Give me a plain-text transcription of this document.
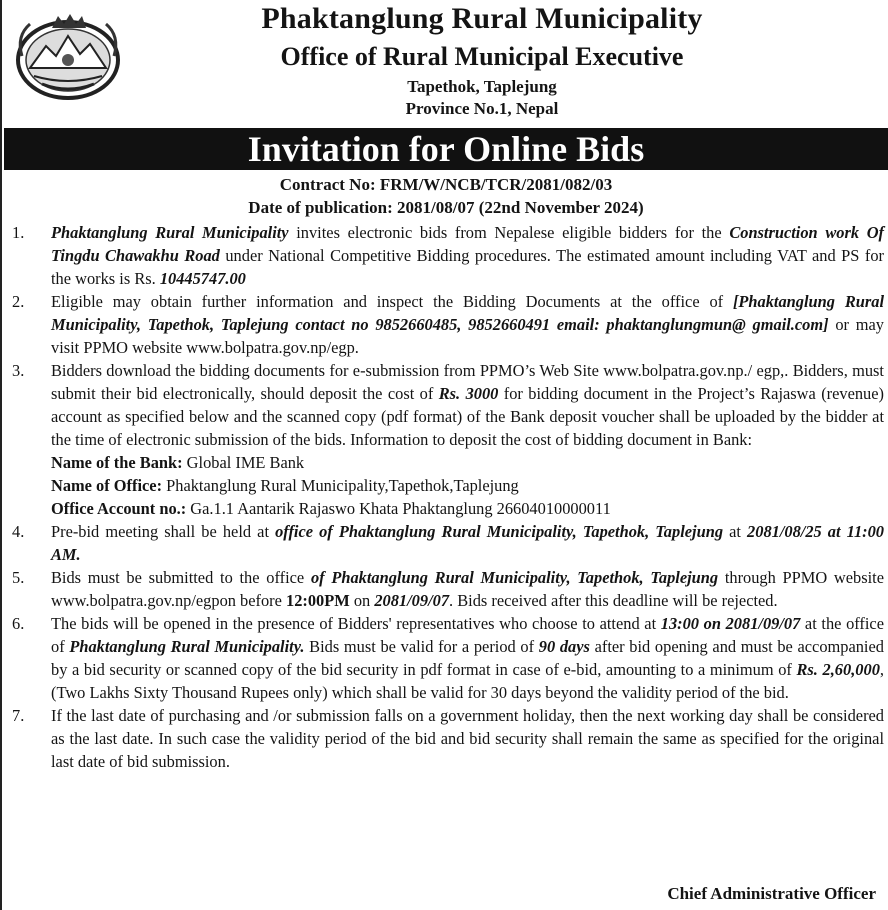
Phaktanglung Rural Municipality
Office of Rural Municipal Executive
Tapethok, Taplejung
Province No.1, Nepal
Invitation for Online Bids
Contract No: FRM/W/NCB/TCR/2081/082/03
Date of publication: 2081/08/07 (22nd November 2024)
1. Phaktanglung Rural Municipality invites electronic bids from Nepalese eligible bidders for the Construction work Of Tingdu Chawakhu Road under National Competitive Bidding procedures. The estimated amount including VAT and PS for the works is Rs. 10445747.00
2. Eligible may obtain further information and inspect the Bidding Documents at the office of [Phaktanglung Rural Municipality, Tapethok, Taplejung contact no 9852660485, 9852660491 email: phaktanglungmun@ gmail.com] or may visit PPMO website www.bolpatra.gov.np/egp.
3. Bidders download the bidding documents for e-submission from PPMO’s Web Site www.bolpatra.gov.np./ egp,. Bidders, must submit their bid electronically, should deposit the cost of Rs. 3000 for bidding document in the Project’s Rajaswa (revenue) account as specified below and the scanned copy (pdf format) of the Bank deposit voucher shall be uploaded by the bidder at the time of electronic submission of the bids. Information to deposit the cost of bidding document in Bank:
Name of the Bank: Global IME Bank
Name of Office: Phaktanglung Rural Municipality,Tapethok,Taplejung
Office Account no.: Ga.1.1 Aantarik Rajaswo Khata Phaktanglung 26604010000011
4. Pre-bid meeting shall be held at office of Phaktanglung Rural Municipality, Tapethok, Taplejung at 2081/08/25 at 11:00 AM.
5. Bids must be submitted to the office of Phaktanglung Rural Municipality, Tapethok, Taplejung through PPMO website www.bolpatra.gov.np/egpon before 12:00PM on 2081/09/07. Bids received after this deadline will be rejected.
6. The bids will be opened in the presence of Bidders' representatives who choose to attend at 13:00 on 2081/09/07 at the office of Phaktanglung Rural Municipality. Bids must be valid for a period of 90 days after bid opening and must be accompanied by a bid security or scanned copy of the bid security in pdf format in case of e-bid, amounting to a minimum of Rs. 2,60,000,(Two Lakhs Sixty Thousand Rupees only) which shall be valid for 30 days beyond the validity period of the bid.
7. If the last date of purchasing and /or submission falls on a government holiday, then the next working day shall be considered as the last date. In such case the validity period of the bid and bid security shall remain the same as specified for the original last date of bid submission.
Chief Administrative Officer
